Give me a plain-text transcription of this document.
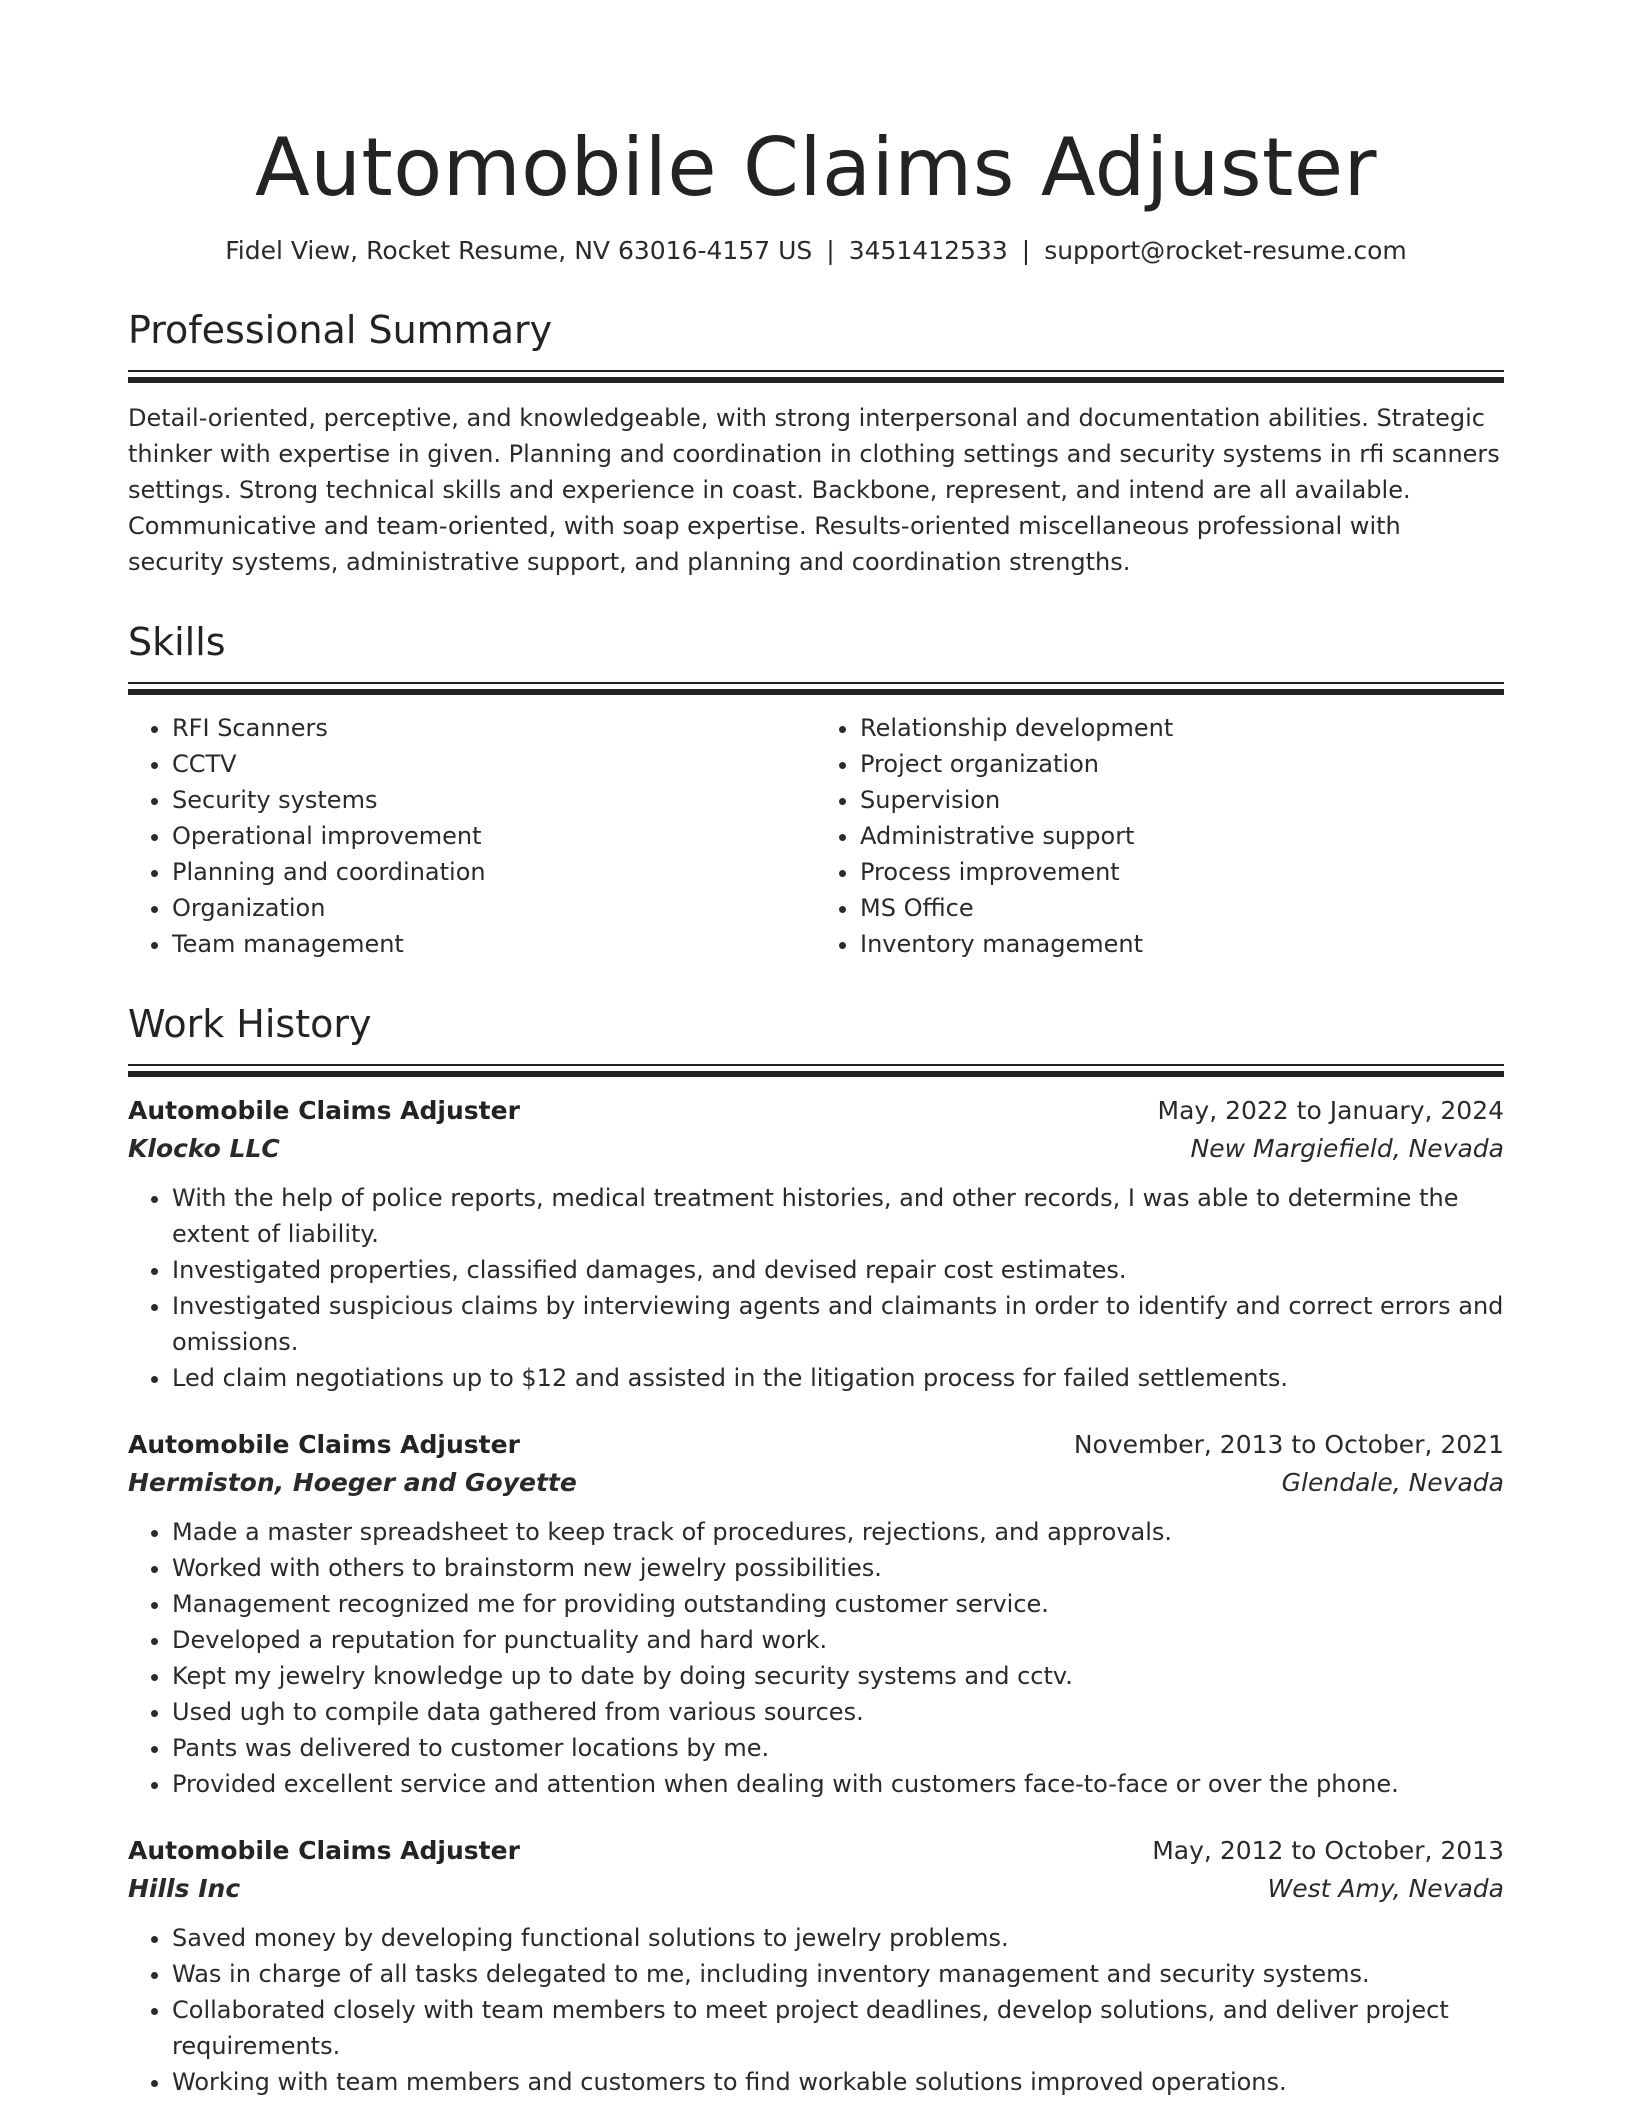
Automobile Claims Adjuster
Fidel View, Rocket Resume, NV 63016-4157 US | 3451412533 | support@rocket-resume.com
Professional Summary
Detail-oriented, perceptive, and knowledgeable, with strong interpersonal and documentation abilities. Strategic thinker with expertise in given. Planning and coordination in clothing settings and security systems in rfi scanners settings. Strong technical skills and experience in coast. Backbone, represent, and intend are all available. Communicative and team-oriented, with soap expertise. Results-oriented miscellaneous professional with security systems, administrative support, and planning and coordination strengths.
Skills
• RFI Scanners
• CCTV
• Security systems
• Operational improvement
• Planning and coordination
• Organization
• Team management
• Relationship development
• Project organization
• Supervision
• Administrative support
• Process improvement
• MS Office
• Inventory management
Work History
Automobile Claims Adjuster	May, 2022 to January, 2024
Klocko LLC	New Margiefield, Nevada
• With the help of police reports, medical treatment histories, and other records, I was able to determine the extent of liability.
• Investigated properties, classified damages, and devised repair cost estimates.
• Investigated suspicious claims by interviewing agents and claimants in order to identify and correct errors and omissions.
• Led claim negotiations up to $12 and assisted in the litigation process for failed settlements.
Automobile Claims Adjuster	November, 2013 to October, 2021
Hermiston, Hoeger and Goyette	Glendale, Nevada
• Made a master spreadsheet to keep track of procedures, rejections, and approvals.
• Worked with others to brainstorm new jewelry possibilities.
• Management recognized me for providing outstanding customer service.
• Developed a reputation for punctuality and hard work.
• Kept my jewelry knowledge up to date by doing security systems and cctv.
• Used ugh to compile data gathered from various sources.
• Pants was delivered to customer locations by me.
• Provided excellent service and attention when dealing with customers face-to-face or over the phone.
Automobile Claims Adjuster	May, 2012 to October, 2013
Hills Inc	West Amy, Nevada
• Saved money by developing functional solutions to jewelry problems.
• Was in charge of all tasks delegated to me, including inventory management and security systems.
• Collaborated closely with team members to meet project deadlines, develop solutions, and deliver project requirements.
• Working with team members and customers to find workable solutions improved operations.
